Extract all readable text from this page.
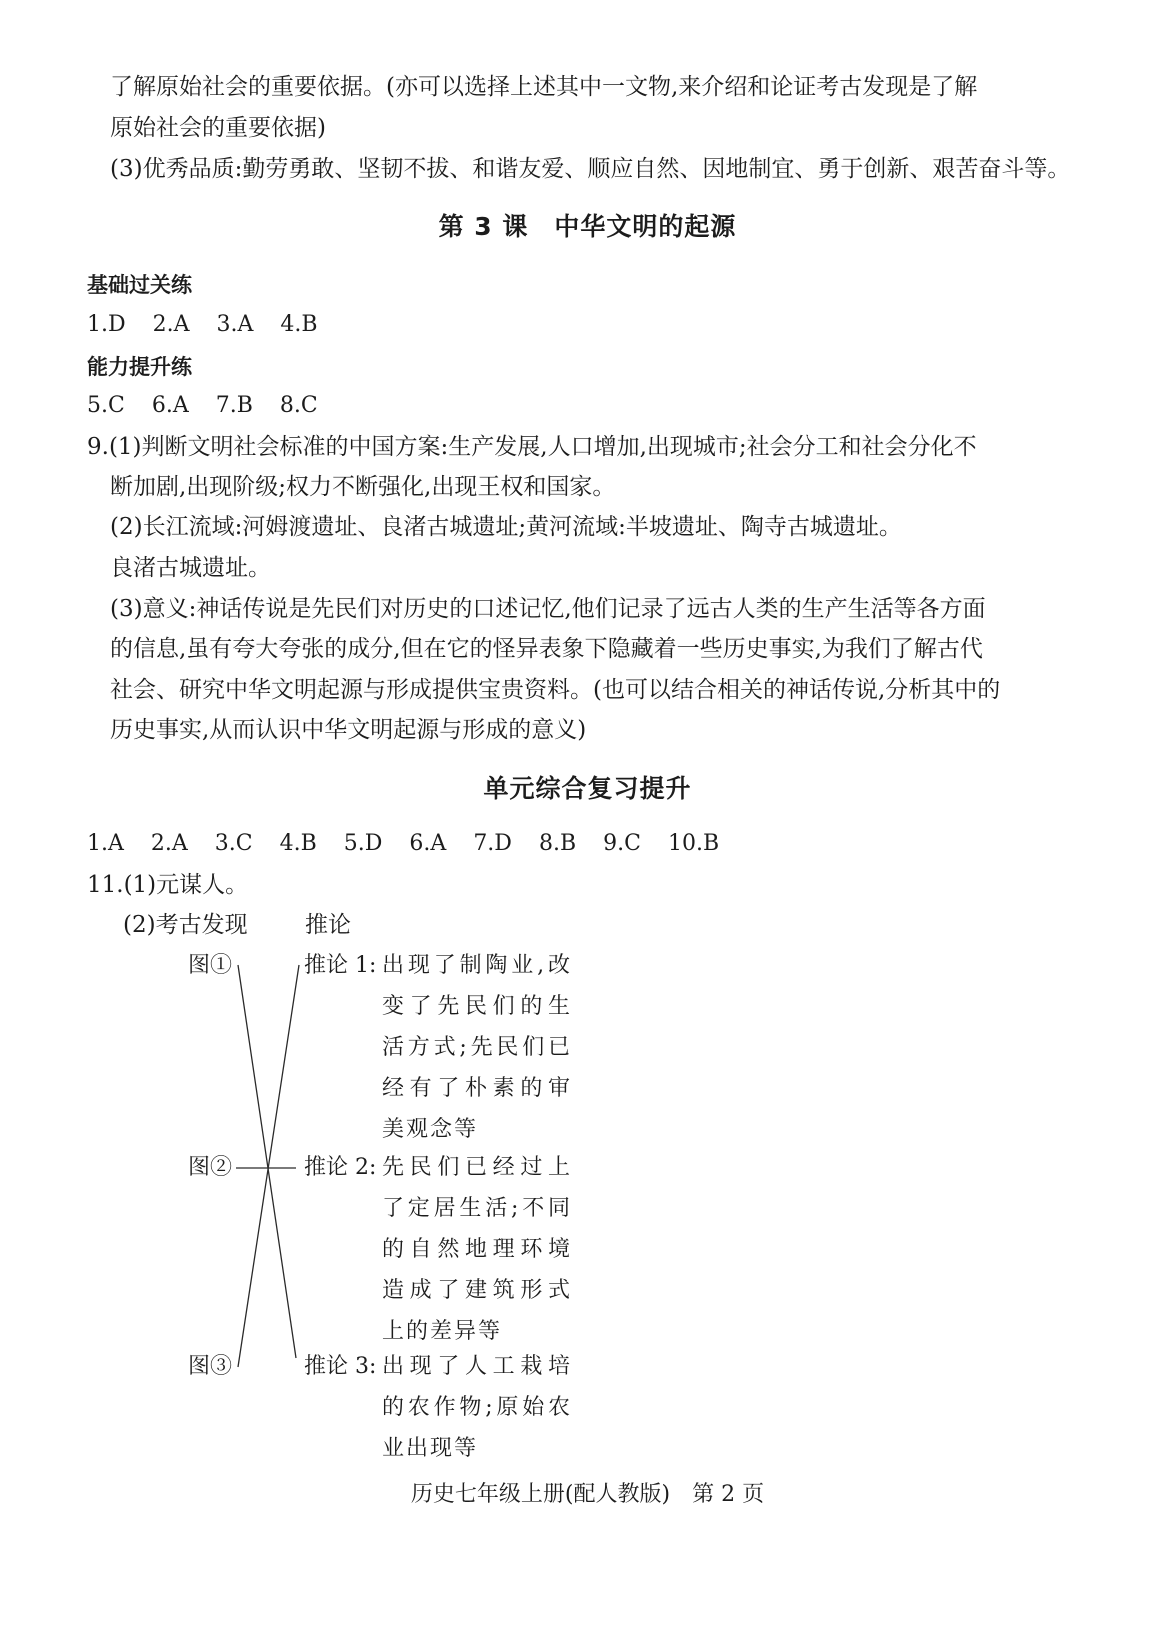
了解原始社会的重要依据。(亦可以选择上述其中一文物,来介绍和论证考古发现是了解
原始社会的重要依据)
(3)优秀品质:勤劳勇敢、坚韧不拔、和谐友爱、顺应自然、因地制宜、勇于创新、艰苦奋斗等。
第 3 课　中华文明的起源
基础过关练
1.D 2.A 3.A 4.B
能力提升练
5.C 6.A 7.B 8.C
9.(1)判断文明社会标准的中国方案:生产发展,人口增加,出现城市;社会分工和社会分化不
断加剧,出现阶级;权力不断强化,出现王权和国家。
(2)长江流域:河姆渡遗址、良渚古城遗址;黄河流域:半坡遗址、陶寺古城遗址。
良渚古城遗址。
(3)意义:神话传说是先民们对历史的口述记忆,他们记录了远古人类的生产生活等各方面
的信息,虽有夸大夸张的成分,但在它的怪异表象下隐藏着一些历史事实,为我们了解古代
社会、研究中华文明起源与形成提供宝贵资料。(也可以结合相关的神话传说,分析其中的
历史事实,从而认识中华文明起源与形成的意义)
单元综合复习提升
1.A 2.A 3.C 4.B 5.D 6.A 7.D 8.B 9.C 10.B
11.(1)元谋人。
(2)考古发现 推论
图①
图②
图③
推论 1: 出现了制陶业,改变了先民们的生活方式;先民们已经有了朴素的审美观念等
推论 2: 先民们已经过上了定居生活;不同的自然地理环境造成了建筑形式上的差异等
推论 3: 出现了人工栽培的农作物;原始农业出现等
历史七年级上册(配人教版)　第 2 页
